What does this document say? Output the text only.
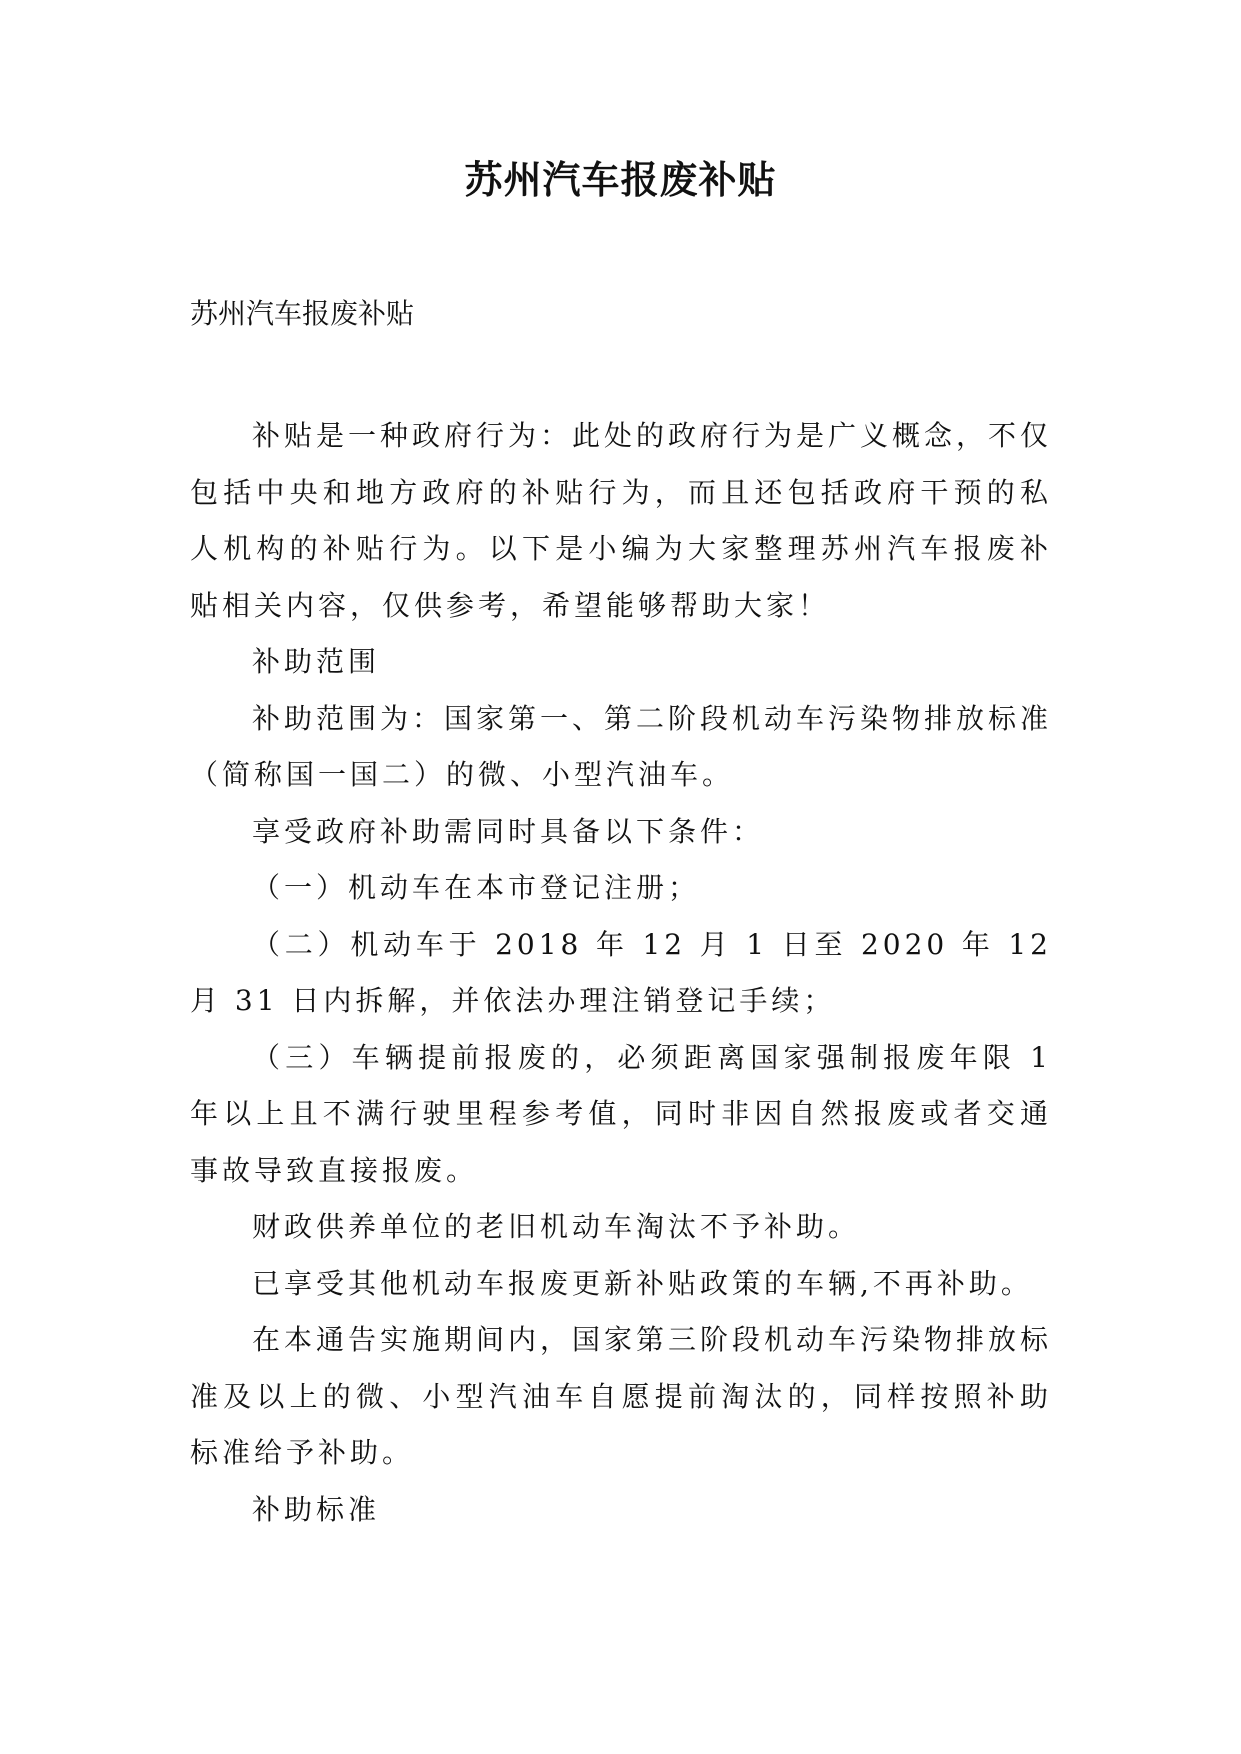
苏州汽车报废补贴

苏州汽车报废补贴

补贴是一种政府行为：此处的政府行为是广义概念，不仅包括中央和地方政府的补贴行为，而且还包括政府干预的私人机构的补贴行为。以下是小编为大家整理苏州汽车报废补贴相关内容，仅供参考，希望能够帮助大家！

补助范围

补助范围为：国家第一、第二阶段机动车污染物排放标准（简称国一国二）的微、小型汽油车。

享受政府补助需同时具备以下条件：

（一）机动车在本市登记注册；

（二）机动车于 2018 年 12 月 1 日至 2020 年 12 月 31 日内拆解，并依法办理注销登记手续；

（三）车辆提前报废的，必须距离国家强制报废年限 1 年以上且不满行驶里程参考值，同时非因自然报废或者交通事故导致直接报废。

财政供养单位的老旧机动车淘汰不予补助。

已享受其他机动车报废更新补贴政策的车辆,不再补助。

在本通告实施期间内，国家第三阶段机动车污染物排放标准及以上的微、小型汽油车自愿提前淘汰的，同样按照补助标准给予补助。

补助标准
